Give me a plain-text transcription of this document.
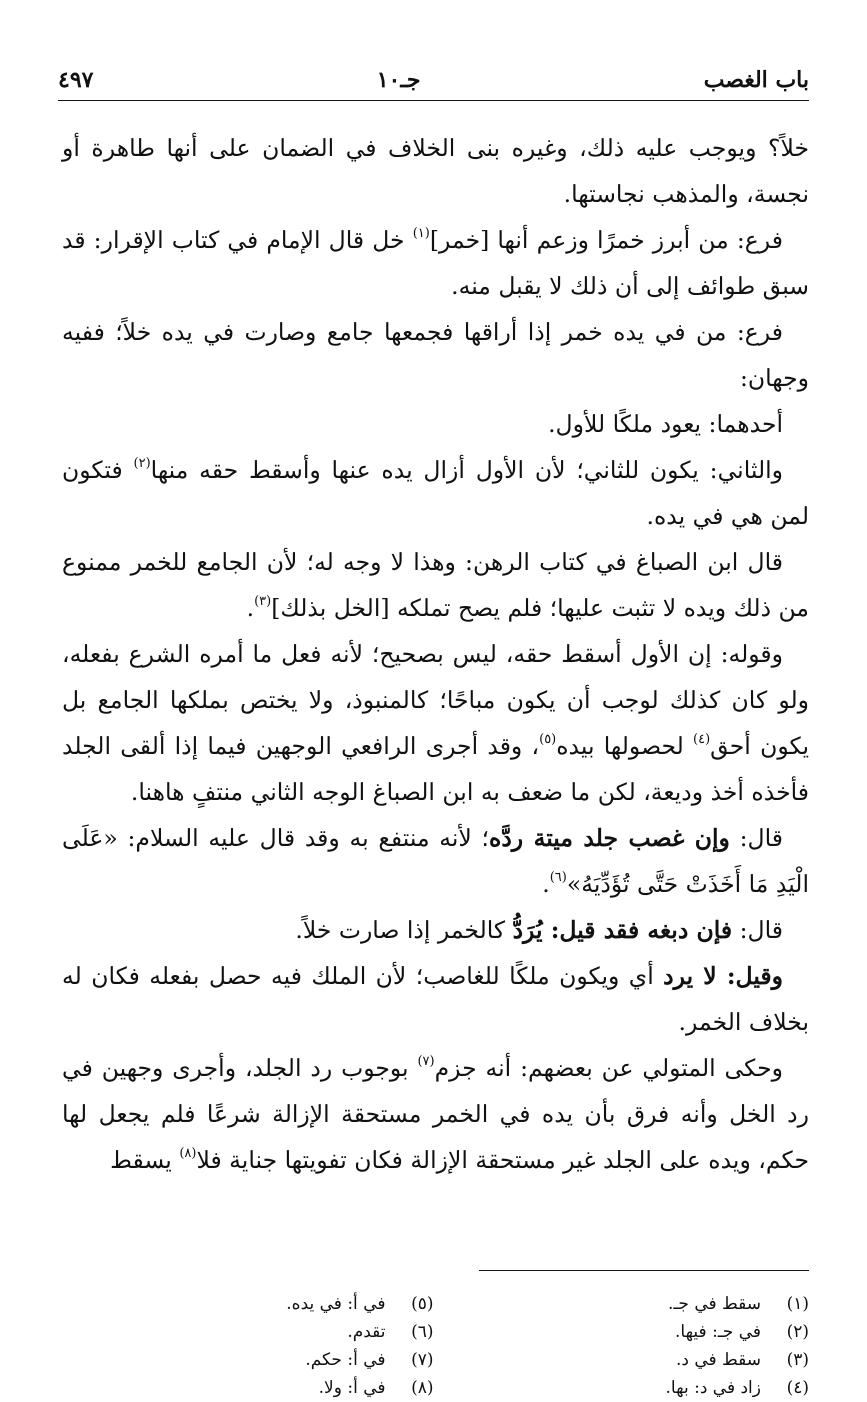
باب الغصب
جـ١٠
٤٩٧

خلاً؟ ويوجب عليه ذلك، وغيره بنى الخلاف في الضمان على أنها طاهرة أو نجسة، والمذهب نجاستها.

فرع: من أبرز خمرًا وزعم أنها [خمر]$^{(١)}$ خل قال الإمام في كتاب الإقرار: قد سبق طوائف إلى أن ذلك لا يقبل منه.

فرع: من في يده خمر إذا أراقها فجمعها جامع وصارت في يده خلاً؛ ففيه وجهان:

أحدهما: يعود ملكًا للأول.

والثاني: يكون للثاني؛ لأن الأول أزال يده عنها وأسقط حقه منها$^{(٢)}$ فتكون لمن هي في يده.

قال ابن الصباغ في كتاب الرهن: وهذا لا وجه له؛ لأن الجامع للخمر ممنوع من ذلك ويده لا تثبت عليها؛ فلم يصح تملكه [الخل بذلك]$^{(٣)}$.

وقوله: إن الأول أسقط حقه، ليس بصحيح؛ لأنه فعل ما أمره الشرع بفعله، ولو كان كذلك لوجب أن يكون مباحًا؛ كالمنبوذ، ولا يختص بملكها الجامع بل يكون أحق$^{(٤)}$ لحصولها بيده$^{(٥)}$، وقد أجرى الرافعي الوجهين فيما إذا ألقى الجلد فأخذه أخذ وديعة، لكن ما ضعف به ابن الصباغ الوجه الثاني منتفٍ هاهنا.

قال: وإن غصب جلد ميتة ردَّه؛ لأنه منتفع به وقد قال عليه السلام: «عَلَى الْيَدِ مَا أَخَذَتْ حَتَّى تُؤَدِّيَهُ»$^{(٦)}$.

قال: فإن دبغه فقد قيل: يُرَدُّ كالخمر إذا صارت خلاً.

وقيل: لا يرد أي ويكون ملكًا للغاصب؛ لأن الملك فيه حصل بفعله فكان له بخلاف الخمر.

وحكى المتولي عن بعضهم: أنه جزم$^{(٧)}$ بوجوب رد الجلد، وأجرى وجهين في رد الخل وأنه فرق بأن يده في الخمر مستحقة الإزالة شرعًا فلم يجعل لها حكم، ويده على الجلد غير مستحقة الإزالة فكان تفويتها جناية فلا$^{(٨)}$ يسقط

(١)
سقط في جـ.
(٢)
في جـ: فيها.
(٣)
سقط في د.
(٤)
زاد في د: بها.
(٥)
في أ: في يده.
(٦)
تقدم.
(٧)
في أ: حكم.
(٨)
في أ: ولا.
